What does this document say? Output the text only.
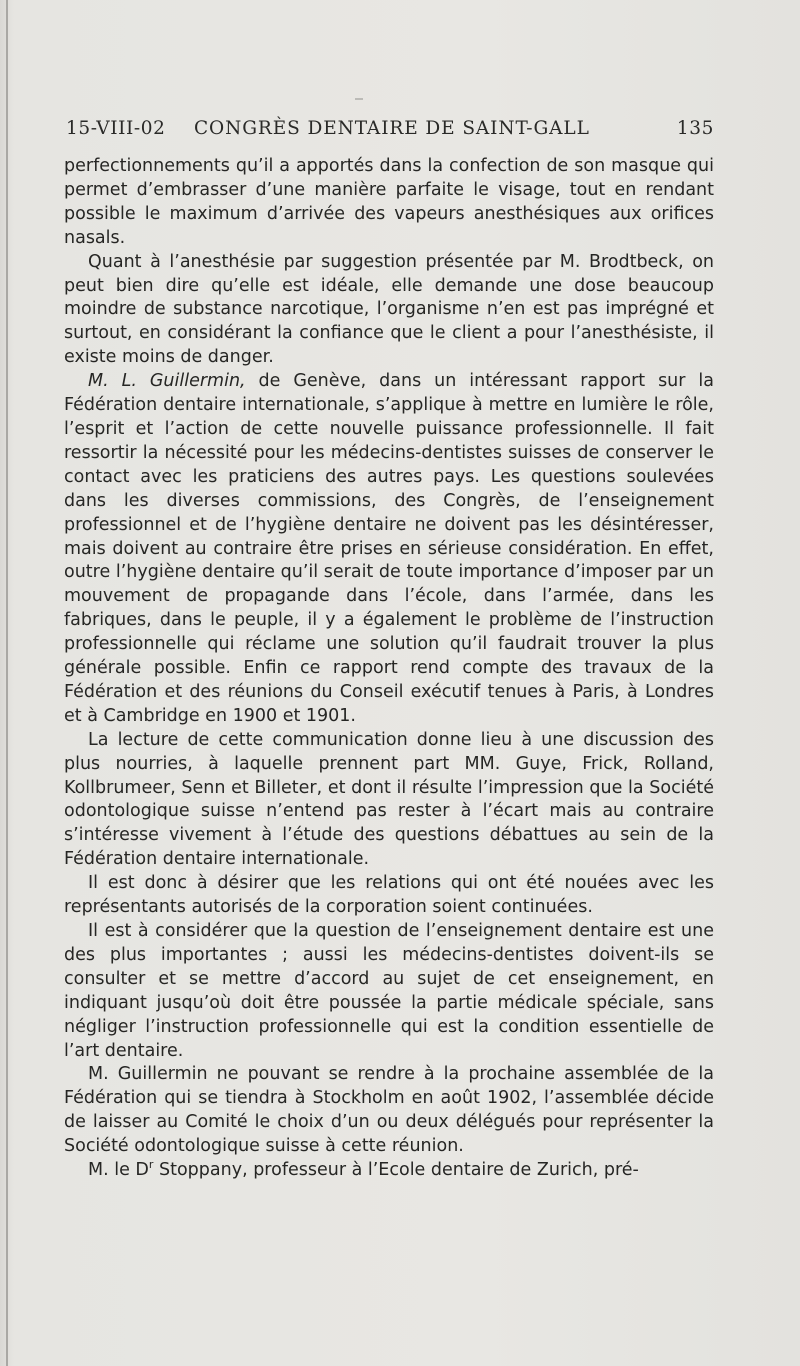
15-VIII-02 CONGRÈS DENTAIRE DE SAINT-GALL	135

perfectionnements qu’il a apportés dans la confection de son masque qui permet d’embrasser d’une manière parfaite le visage, tout en rendant possible le maximum d’arrivée des vapeurs anesthésiques aux orifices nasals.

Quant à l’anesthésie par suggestion présentée par M. Brodtbeck, on peut bien dire qu’elle est idéale, elle demande une dose beaucoup moindre de substance narcotique, l’organisme n’en est pas imprégné et surtout, en considérant la confiance que le client a pour l’anesthésiste, il existe moins de danger.

M. L. Guillermin, de Genève, dans un intéressant rapport sur la Fédération dentaire internationale, s’applique à mettre en lumière le rôle, l’esprit et l’action de cette nouvelle puissance professionnelle. Il fait ressortir la nécessité pour les médecins-dentistes suisses de conserver le contact avec les praticiens des autres pays. Les questions soulevées dans les diverses commissions, des Congrès, de l’enseignement professionnel et de l’hygiène dentaire ne doivent pas les désintéresser, mais doivent au contraire être prises en sérieuse considération. En effet, outre l’hygiène dentaire qu’il serait de toute importance d’imposer par un mouvement de propagande dans l’école, dans l’armée, dans les fabriques, dans le peuple, il y a également le problème de l’instruction professionnelle qui réclame une solution qu’il faudrait trouver la plus générale possible. Enfin ce rapport rend compte des travaux de la Fédération et des réunions du Conseil exécutif tenues à Paris, à Londres et à Cambridge en 1900 et 1901.

La lecture de cette communication donne lieu à une discussion des plus nourries, à laquelle prennent part MM. Guye, Frick, Rolland, Kollbrumeer, Senn et Billeter, et dont il résulte l’impression que la Société odontologique suisse n’entend pas rester à l’écart mais au contraire s’intéresse vivement à l’étude des questions débattues au sein de la Fédération dentaire internationale.

Il est donc à désirer que les relations qui ont été nouées avec les représentants autorisés de la corporation soient continuées.

Il est à considérer que la question de l’enseignement dentaire est une des plus importantes ; aussi les médecins-dentistes doivent-ils se consulter et se mettre d’accord au sujet de cet enseignement, en indiquant jusqu’où doit être poussée la partie médicale spéciale, sans négliger l’instruction professionnelle qui est la condition essentielle de l’art dentaire.

M. Guillermin ne pouvant se rendre à la prochaine assemblée de la Fédération qui se tiendra à Stockholm en août 1902, l’assemblée décide de laisser au Comité le choix d’un ou deux délégués pour représenter la Société odontologique suisse à cette réunion.

M. le $D^r$ Stoppany, professeur à l’Ecole dentaire de Zurich, pré-
